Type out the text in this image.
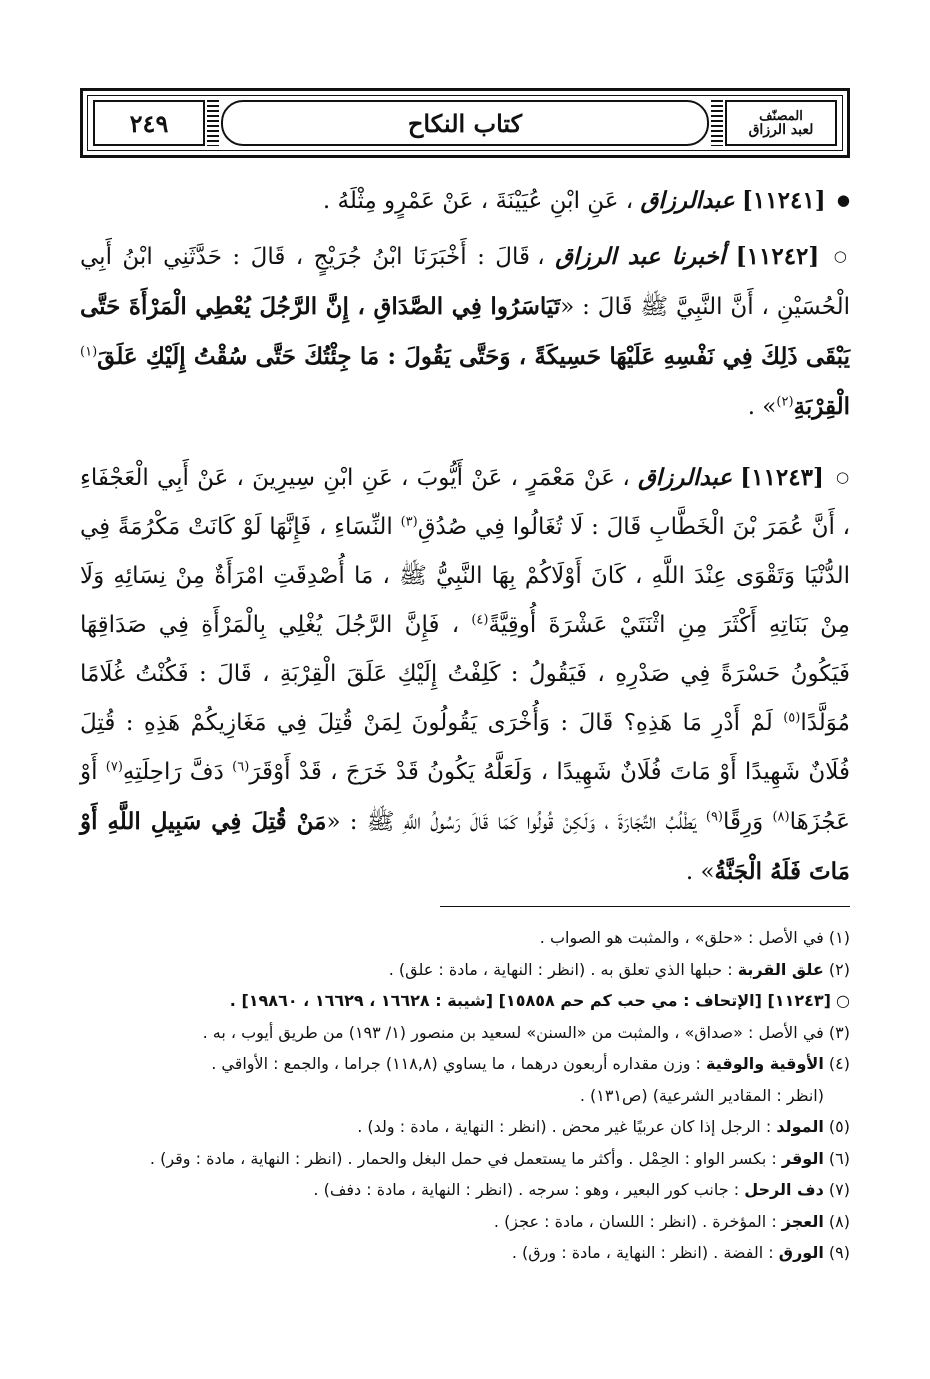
٢٤٩	كتاب النكاح	المصنّف
لعبد الرزاق

● [١١٢٤١] عبدالرزاق ، عَنِ ابْنِ عُيَيْنَةَ ، عَنْ عَمْرٍو مِثْلَهُ .

○ [١١٢٤٢] أخبرنا عبد الرزاق ، قَالَ : أَخْبَرَنَا ابْنُ جُرَيْجٍ ، قَالَ : حَدَّثَنِي ابْنُ أَبِي الْحُسَيْنِ ، أَنَّ النَّبِيَّ ﷺ قَالَ : «تَيَاسَرُوا فِي الصَّدَاقِ ، إِنَّ الرَّجُلَ يُعْطِي الْمَرْأَةَ حَتَّى يَبْقَى ذَلِكَ فِي نَفْسِهِ عَلَيْهَا حَسِيكَةً ، وَحَتَّى يَقُولَ : مَا جِئْتُكَ حَتَّى سُقْتُ إِلَيْكِ عَلَقَ$^{(١)}$ الْقِرْبَةِ$^{(٢)}$» .

○ [١١٢٤٣] عبدالرزاق ، عَنْ مَعْمَرٍ ، عَنْ أَيُّوبَ ، عَنِ ابْنِ سِيرِينَ ، عَنْ أَبِي الْعَجْفَاءِ ، أَنَّ عُمَرَ بْنَ الْخَطَّابِ قَالَ : لَا تُغَالُوا فِي صُدُقِ$^{(٣)}$ النِّسَاءِ ، فَإِنَّهَا لَوْ كَانَتْ مَكْرُمَةً فِي الدُّنْيَا وَتَقْوَى عِنْدَ اللَّهِ ، كَانَ أَوْلَاكُمْ بِهَا النَّبِيُّ ﷺ ، مَا أُصْدِقَتِ امْرَأَةٌ مِنْ نِسَائِهِ وَلَا مِنْ بَنَاتِهِ أَكْثَرَ مِنِ اثْنَتَيْ عَشْرَةَ أُوقِيَّةً$^{(٤)}$ ، فَإِنَّ الرَّجُلَ يُغْلِي بِالْمَرْأَةِ فِي صَدَاقِهَا فَيَكُونُ حَسْرَةً فِي صَدْرِهِ ، فَيَقُولُ : كَلِفْتُ إِلَيْكِ عَلَقَ الْقِرْبَةِ ، قَالَ : فَكُنْتُ غُلَامًا مُوَلَّدًا$^{(٥)}$ لَمْ أَدْرِ مَا هَذِهِ؟ قَالَ : وَأُخْرَى يَقُولُونَ لِمَنْ قُتِلَ فِي مَغَازِيكُمْ هَذِهِ : قُتِلَ فُلَانٌ شَهِيدًا أَوْ مَاتَ فُلَانٌ شَهِيدًا ، وَلَعَلَّهُ يَكُونُ قَدْ خَرَجَ ، قَدْ أَوْقَرَ$^{(٦)}$ دَفَّ رَاحِلَتِهِ$^{(٧)}$ أَوْ عَجُزَهَا$^{(٨)}$ وَرِقًا$^{(٩)}$ يَطْلُبُ التِّجَارَةَ ، وَلَكِنْ قُولُوا كَمَا قَالَ رَسُولُ اللَّهِ ﷺ : «مَنْ قُتِلَ فِي سَبِيلِ اللَّهِ أَوْ مَاتَ فَلَهُ الْجَنَّةُ» .

(١) في الأصل : «حلق» ، والمثبت هو الصواب .

(٢) علق القربة : حبلها الذي تعلق به . (انظر : النهاية ، مادة : علق) .

○ [١١٢٤٣] [الإتحاف : مي حب كم حم ١٥٨٥٨] [شيبة : ١٦٦٢٨ ، ١٦٦٢٩ ، ١٩٨٦٠] .

(٣) في الأصل : «صداق» ، والمثبت من «السنن» لسعيد بن منصور (١/ ١٩٣) من طريق أيوب ، به .

(٤) الأوقية والوقية : وزن مقداره أربعون درهما ، ما يساوي (١١٨,٨) جراما ، والجمع : الأواقي .
(انظر : المقادير الشرعية) (ص١٣١) .

(٥) المولد : الرجل إذا كان عربيًا غير محض . (انظر : النهاية ، مادة : ولد) .

(٦) الوقر : بكسر الواو : الحِمْل . وأكثر ما يستعمل في حمل البغل والحمار . (انظر : النهاية ، مادة : وقر) .

(٧) دف الرحل : جانب كور البعير ، وهو : سرجه . (انظر : النهاية ، مادة : دفف) .

(٨) العجز : المؤخرة . (انظر : اللسان ، مادة : عجز) .

(٩) الورق : الفضة . (انظر : النهاية ، مادة : ورق) .
